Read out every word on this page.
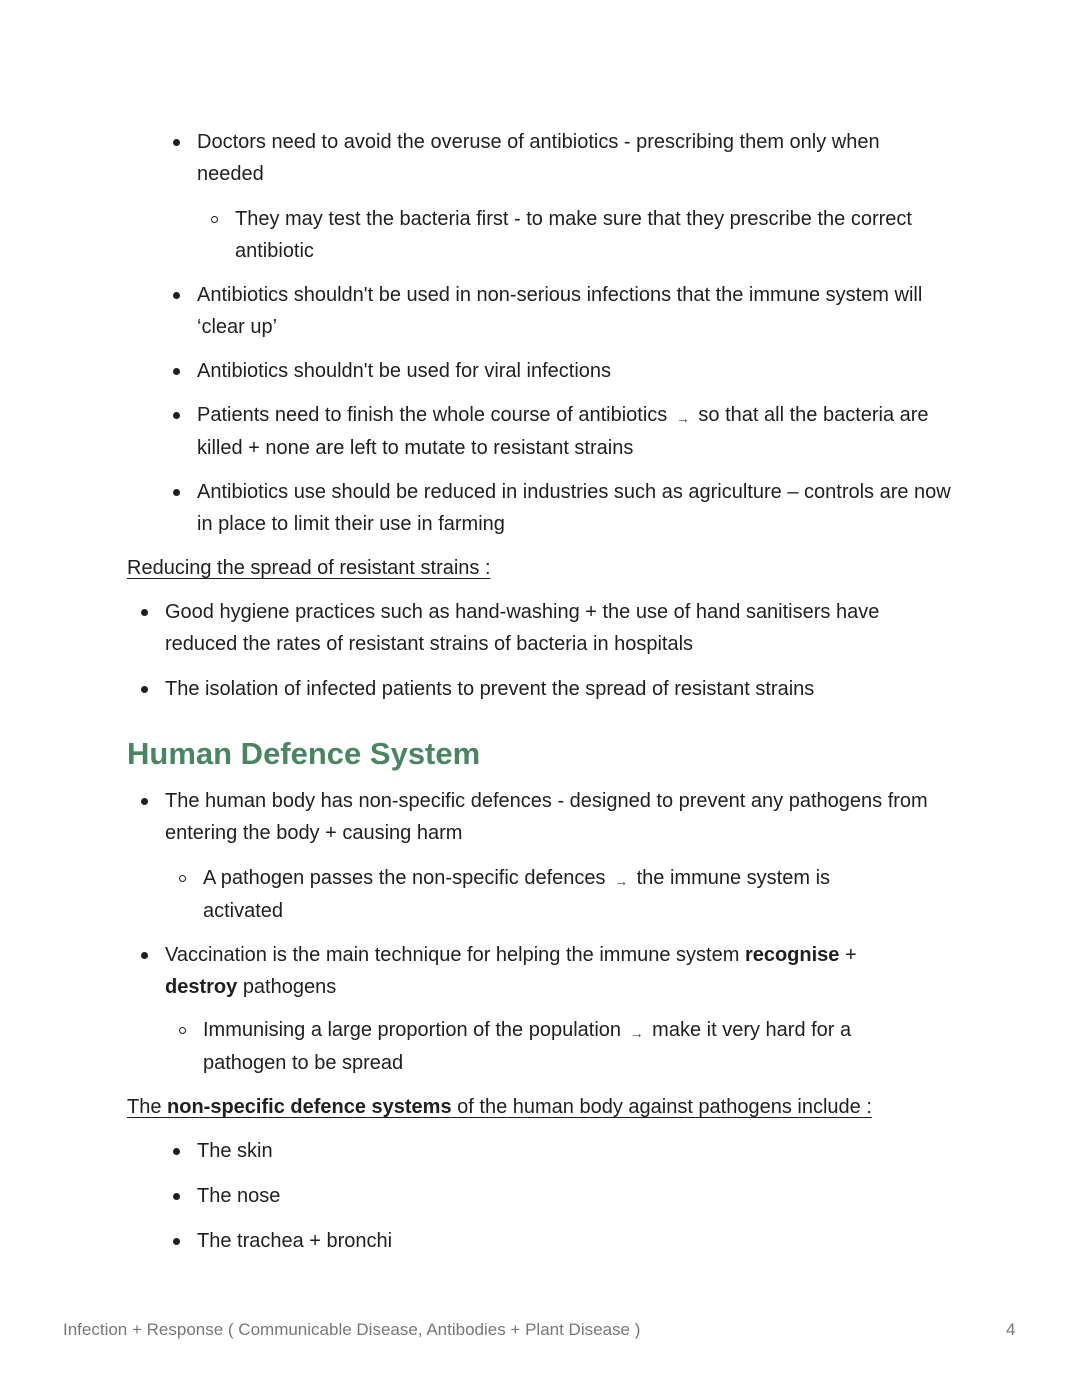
Doctors need to avoid the overuse of antibiotics - prescribing them only when needed
They may test the bacteria first - to make sure that they prescribe the correct antibiotic
Antibiotics shouldn't be used in non-serious infections that the immune system will ‘clear up’
Antibiotics shouldn't be used for viral infections
Patients need to finish the whole course of antibiotics → so that all the bacteria are killed + none are left to mutate to resistant strains
Antibiotics use should be reduced in industries such as agriculture – controls are now in place to limit their use in farming
Reducing the spread of resistant strains :
Good hygiene practices such as hand-washing + the use of hand sanitisers have reduced the rates of resistant strains of bacteria in hospitals
The isolation of infected patients to prevent the spread of resistant strains
Human Defence System
The human body has non-specific defences - designed to prevent any pathogens from entering the body + causing harm
A pathogen passes the non-specific defences → the immune system is activated
Vaccination is the main technique for helping the immune system recognise + destroy pathogens
Immunising a large proportion of the population → make it very hard for a pathogen to be spread
The non-specific defence systems of the human body against pathogens include :
The skin
The nose
The trachea + bronchi
Infection + Response ( Communicable Disease, Antibodies + Plant Disease )	4
